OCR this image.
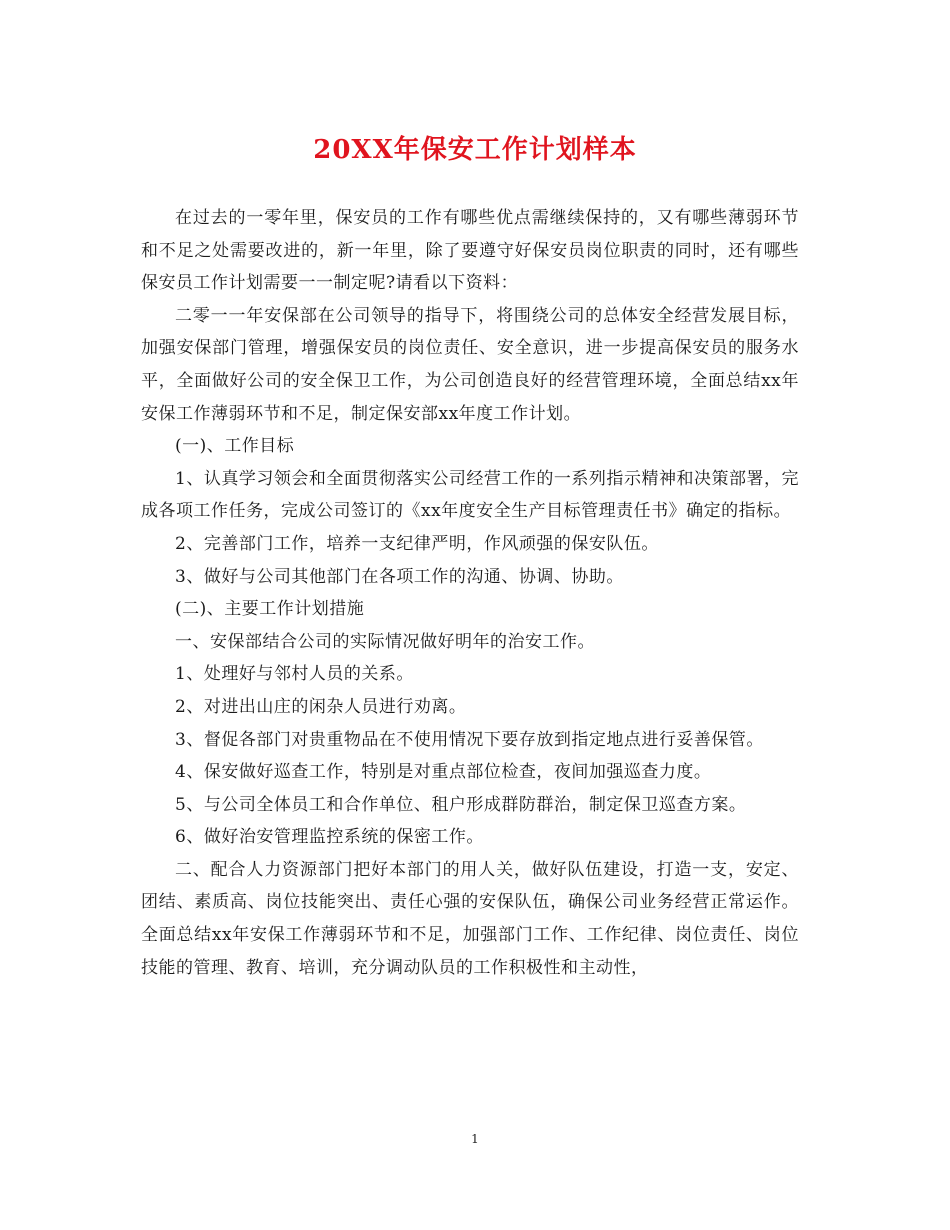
20XX年保安工作计划样本

在过去的一零年里，保安员的工作有哪些优点需继续保持的，又有哪些薄弱环节和不足之处需要改进的，新一年里，除了要遵守好保安员岗位职责的同时，还有哪些保安员工作计划需要一一制定呢?请看以下资料：

二零一一年安保部在公司领导的指导下，将围绕公司的总体安全经营发展目标，加强安保部门管理，增强保安员的岗位责任、安全意识，进一步提高保安员的服务水平，全面做好公司的安全保卫工作，为公司创造良好的经营管理环境，全面总结xx年安保工作薄弱环节和不足，制定保安部xx年度工作计划。

(一)、工作目标

1、认真学习领会和全面贯彻落实公司经营工作的一系列指示精神和决策部署，完成各项工作任务，完成公司签订的《xx年度安全生产目标管理责任书》确定的指标。

2、完善部门工作，培养一支纪律严明，作风顽强的保安队伍。

3、做好与公司其他部门在各项工作的沟通、协调、协助。

(二)、主要工作计划措施

一、安保部结合公司的实际情况做好明年的治安工作。

1、处理好与邻村人员的关系。

2、对进出山庄的闲杂人员进行劝离。

3、督促各部门对贵重物品在不使用情况下要存放到指定地点进行妥善保管。

4、保安做好巡查工作，特别是对重点部位检查，夜间加强巡查力度。

5、与公司全体员工和合作单位、租户形成群防群治，制定保卫巡查方案。

6、做好治安管理监控系统的保密工作。

二、配合人力资源部门把好本部门的用人关，做好队伍建设，打造一支，安定、团结、素质高、岗位技能突出、责任心强的安保队伍，确保公司业务经营正常运作。全面总结xx年安保工作薄弱环节和不足，加强部门工作、工作纪律、岗位责任、岗位技能的管理、教育、培训，充分调动队员的工作积极性和主动性，

1
